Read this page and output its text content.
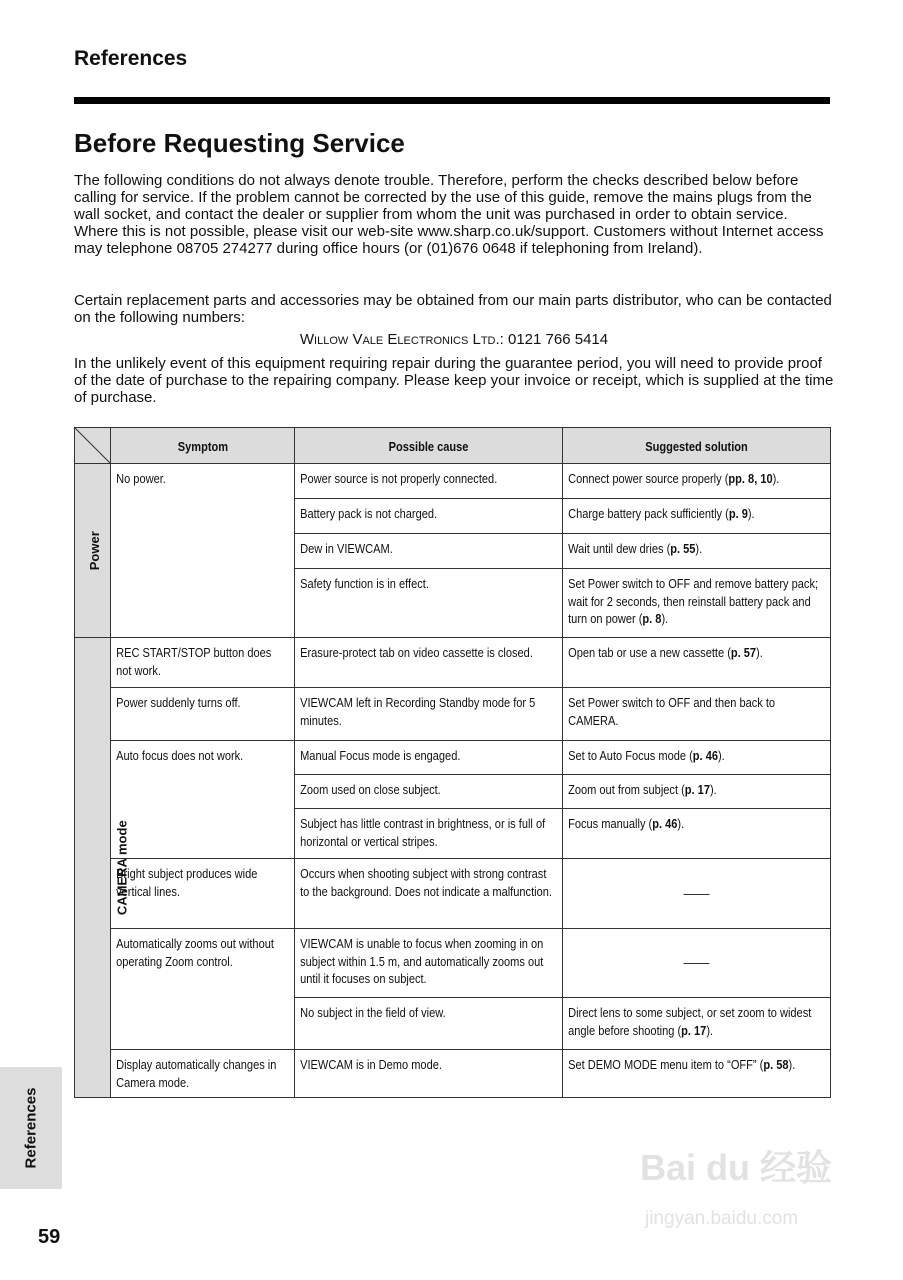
References
Before Requesting Service
The following conditions do not always denote trouble. Therefore, perform the checks described below before calling for service. If the problem cannot be corrected by the use of this guide, remove the mains plugs from the wall socket, and contact the dealer or supplier from whom the unit was purchased in order to obtain service. Where this is not possible, please visit our web-site www.sharp.co.uk/support. Customers without Internet access may telephone 08705 274277 during office hours (or (01)676 0648 if telephoning from Ireland).
Certain replacement parts and accessories may be obtained from our main parts distributor, who can be contacted on the following numbers:
Willow Vale Electronics Ltd.: 0121 766 5414
In the unlikely event of this equipment requiring repair during the guarantee period, you will need to provide proof of the date of purchase to the repairing company. Please keep your invoice or receipt, which is supplied at the time of purchase.

Symptom	Possible cause	Suggested solution

Power	No power.	Power source is not properly connected.	Connect power source properly (pp. 8, 10).

		Battery pack is not charged.	Charge battery pack sufficiently (p. 9).

		Dew in VIEWCAM.	Wait until dew dries (p. 55).

		Safety function is in effect.	Set Power switch to OFF and remove battery pack; wait for 2 seconds, then reinstall battery pack and turn on power (p. 8).

CAMERA mode	REC START/STOP button does not work.	Erasure-protect tab on video cassette is closed.	Open tab or use a new cassette (p. 57).

	Power suddenly turns off.	VIEWCAM left in Recording Standby mode for 5 minutes.	Set Power switch to OFF and then back to CAMERA.

	Auto focus does not work.	Manual Focus mode is engaged.	Set to Auto Focus mode (p. 46).

		Zoom used on close subject.	Zoom out from subject (p. 17).

		Subject has little contrast in brightness, or is full of horizontal or vertical stripes.	Focus manually (p. 46).

	Bright subject produces wide vertical lines.	Occurs when shooting subject with strong contrast to the background. Does not indicate a malfunction.	——

	Automatically zooms out without operating Zoom control.	VIEWCAM is unable to focus when zooming in on subject within 1.5 m, and automatically zooms out until it focuses on subject.	——

		No subject in the field of view.	Direct lens to some subject, or set zoom to widest angle before shooting (p. 17).

	Display automatically changes in Camera mode.	VIEWCAM is in Demo mode.	Set DEMO MODE menu item to “OFF” (p. 58).
References
59
Bai du 经验
jingyan.baidu.com
